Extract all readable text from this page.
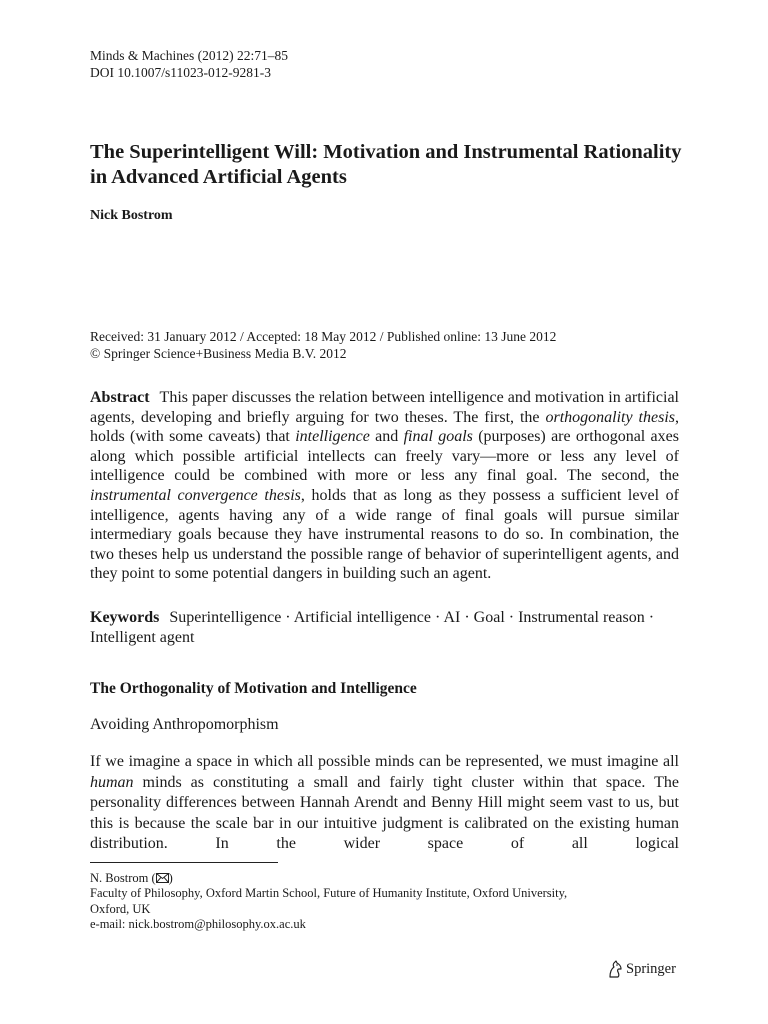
Minds & Machines (2012) 22:71–85
DOI 10.1007/s11023-012-9281-3
The Superintelligent Will: Motivation and Instrumental Rationality in Advanced Artificial Agents
Nick Bostrom
Received: 31 January 2012 / Accepted: 18 May 2012 / Published online: 13 June 2012
© Springer Science+Business Media B.V. 2012

Abstract This paper discusses the relation between intelligence and motivation in artificial agents, developing and briefly arguing for two theses. The first, the orthogonality thesis, holds (with some caveats) that intelligence and final goals (purposes) are orthogonal axes along which possible artificial intellects can freely vary—more or less any level of intelligence could be combined with more or less any final goal. The second, the instrumental convergence thesis, holds that as long as they possess a sufficient level of intelligence, agents having any of a wide range of final goals will pursue similar intermediary goals because they have instrumental reasons to do so. In combination, the two theses help us understand the possible range of behavior of superintelligent agents, and they point to some potential dangers in building such an agent.

Keywords Superintelligence · Artificial intelligence · AI · Goal · Instrumental reason · Intelligent agent

The Orthogonality of Motivation and Intelligence
Avoiding Anthropomorphism

If we imagine a space in which all possible minds can be represented, we must imagine all human minds as constituting a small and fairly tight cluster within that space. The personality differences between Hannah Arendt and Benny Hill might seem vast to us, but this is because the scale bar in our intuitive judgment is calibrated on the existing human distribution. In the wider space of all logical

N. Bostrom ( )
Faculty of Philosophy, Oxford Martin School, Future of Humanity Institute, Oxford University,
Oxford, UK
e-mail: nick.bostrom@philosophy.ox.ac.uk
Springer
